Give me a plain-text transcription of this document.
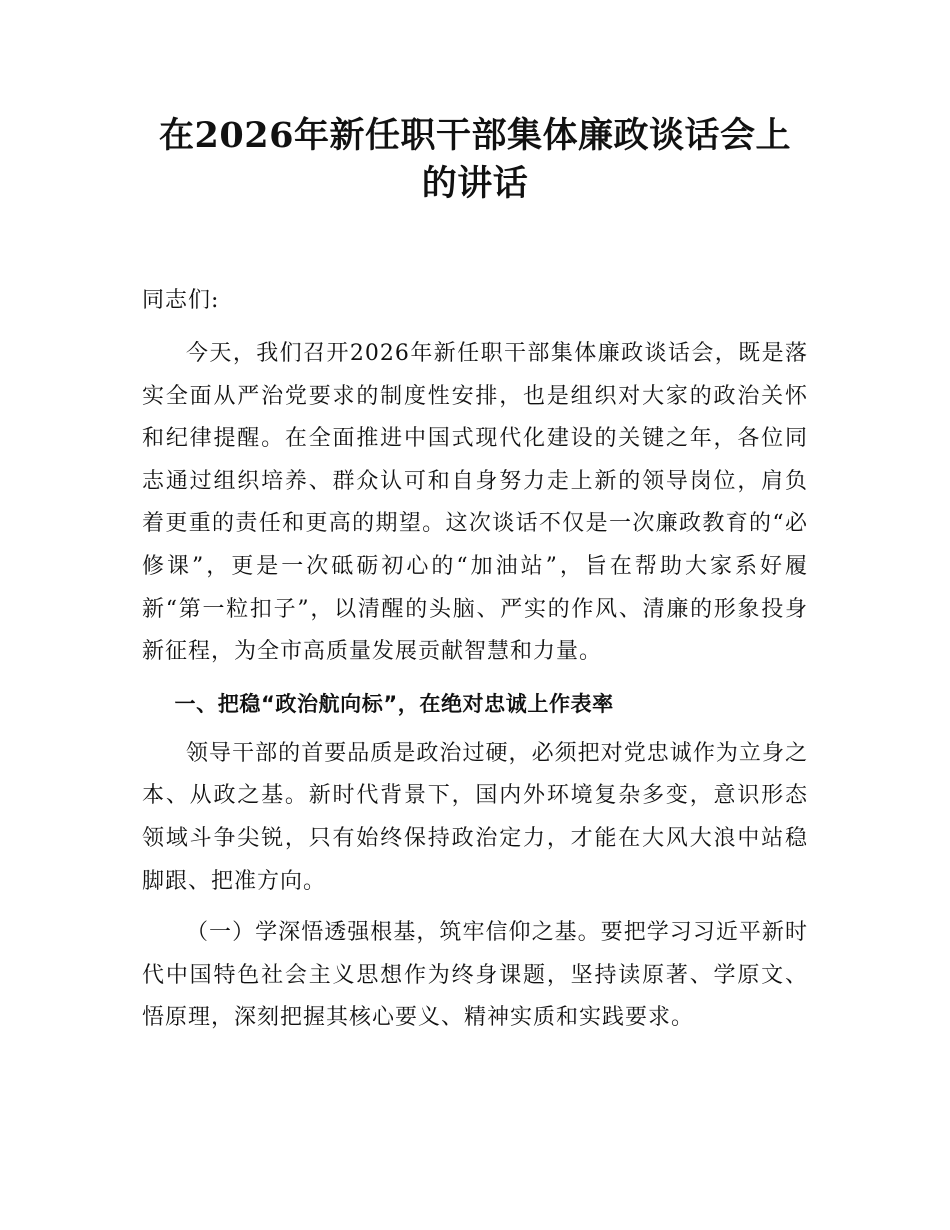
在2026年新任职干部集体廉政谈话会上的讲话

同志们:

今天，我们召开2026年新任职干部集体廉政谈话会，既是落实全面从严治党要求的制度性安排，也是组织对大家的政治关怀和纪律提醒。在全面推进中国式现代化建设的关键之年，各位同志通过组织培养、群众认可和自身努力走上新的领导岗位，肩负着更重的责任和更高的期望。这次谈话不仅是一次廉政教育的“必修课”，更是一次砥砺初心的“加油站”，旨在帮助大家系好履新“第一粒扣子”，以清醒的头脑、严实的作风、清廉的形象投身新征程，为全市高质量发展贡献智慧和力量。

一、把稳“政治航向标”，在绝对忠诚上作表率

领导干部的首要品质是政治过硬，必须把对党忠诚作为立身之本、从政之基。新时代背景下，国内外环境复杂多变，意识形态领域斗争尖锐，只有始终保持政治定力，才能在大风大浪中站稳脚跟、把准方向。

（一）学深悟透强根基，筑牢信仰之基。要把学习习近平新时代中国特色社会主义思想作为终身课题，坚持读原著、学原文、悟原理，深刻把握其核心要义、精神实质和实践要求。
